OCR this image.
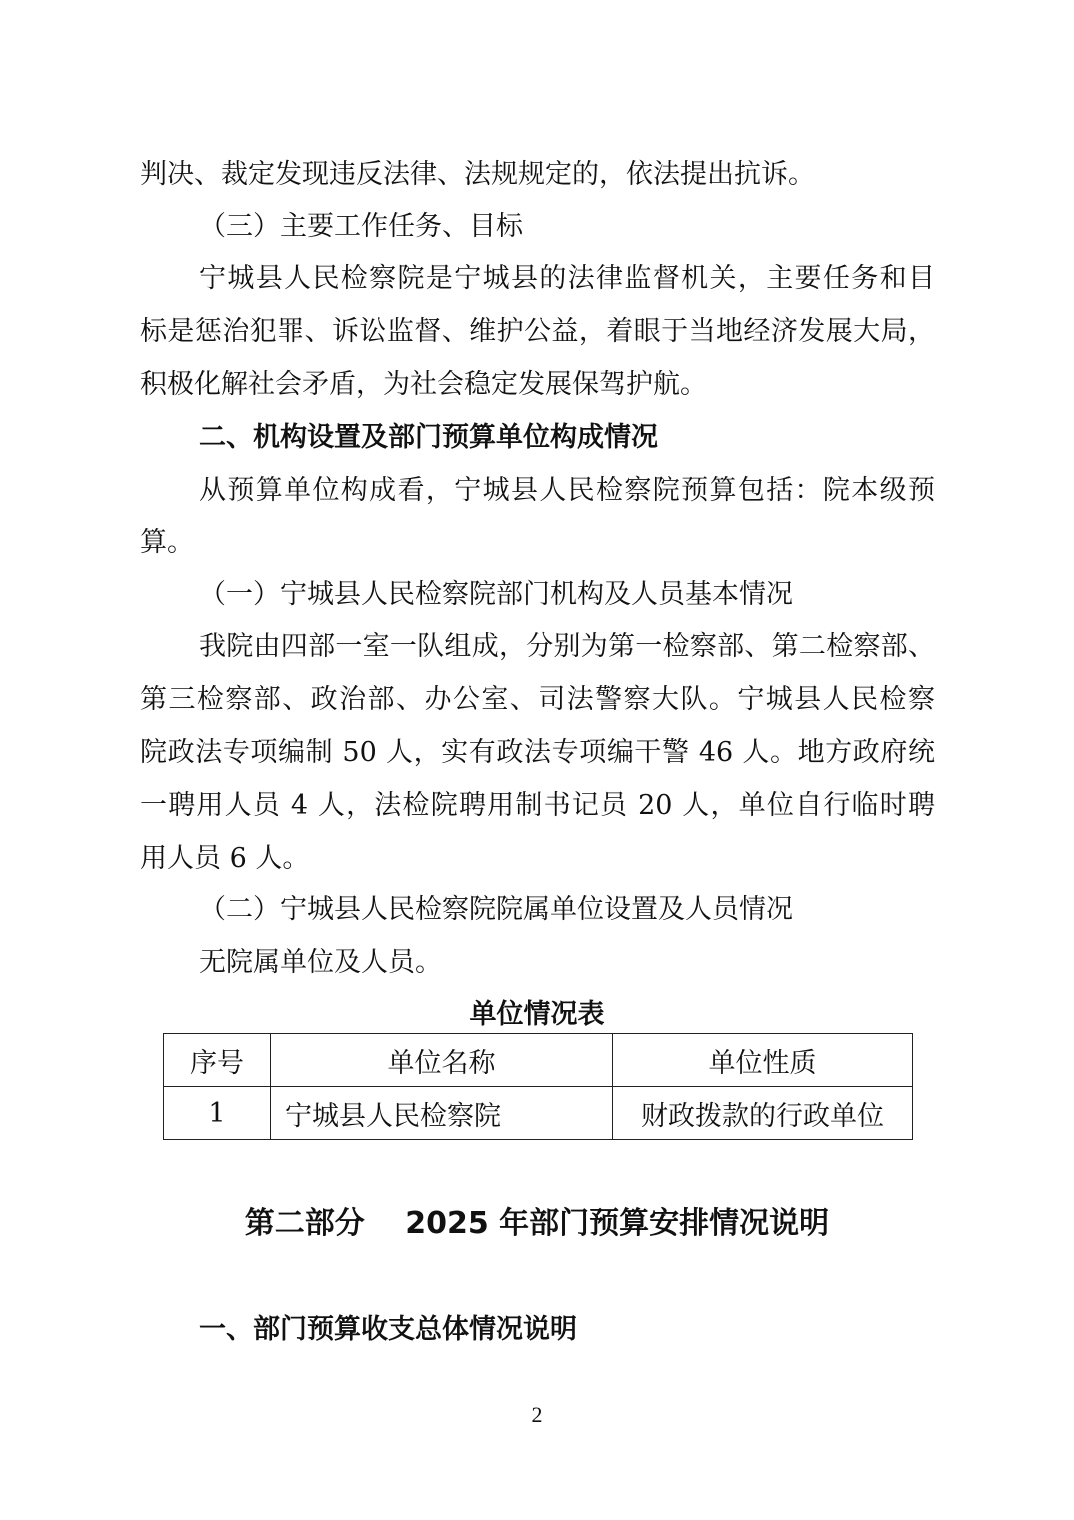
判决、裁定发现违反法律、法规规定的，依法提出抗诉。
（三）主要工作任务、目标
宁城县人民检察院是宁城县的法律监督机关，主要任务和目
标是惩治犯罪、诉讼监督、维护公益，着眼于当地经济发展大局，
积极化解社会矛盾，为社会稳定发展保驾护航。
二、机构设置及部门预算单位构成情况
从预算单位构成看，宁城县人民检察院预算包括：院本级预
算。
（一）宁城县人民检察院部门机构及人员基本情况
我院由四部一室一队组成，分别为第一检察部、第二检察部、
第三检察部、政治部、办公室、司法警察大队。宁城县人民检察
院政法专项编制 50 人，实有政法专项编干警 46 人。地方政府统
一聘用人员 4 人，法检院聘用制书记员 20 人，单位自行临时聘
用人员 6 人。
（二）宁城县人民检察院院属单位设置及人员情况
无院属单位及人员。
单位情况表
序号	单位名称	单位性质
1	宁城县人民检察院	财政拨款的行政单位
第二部分　 2025 年部门预算安排情况说明
一、部门预算收支总体情况说明
2
